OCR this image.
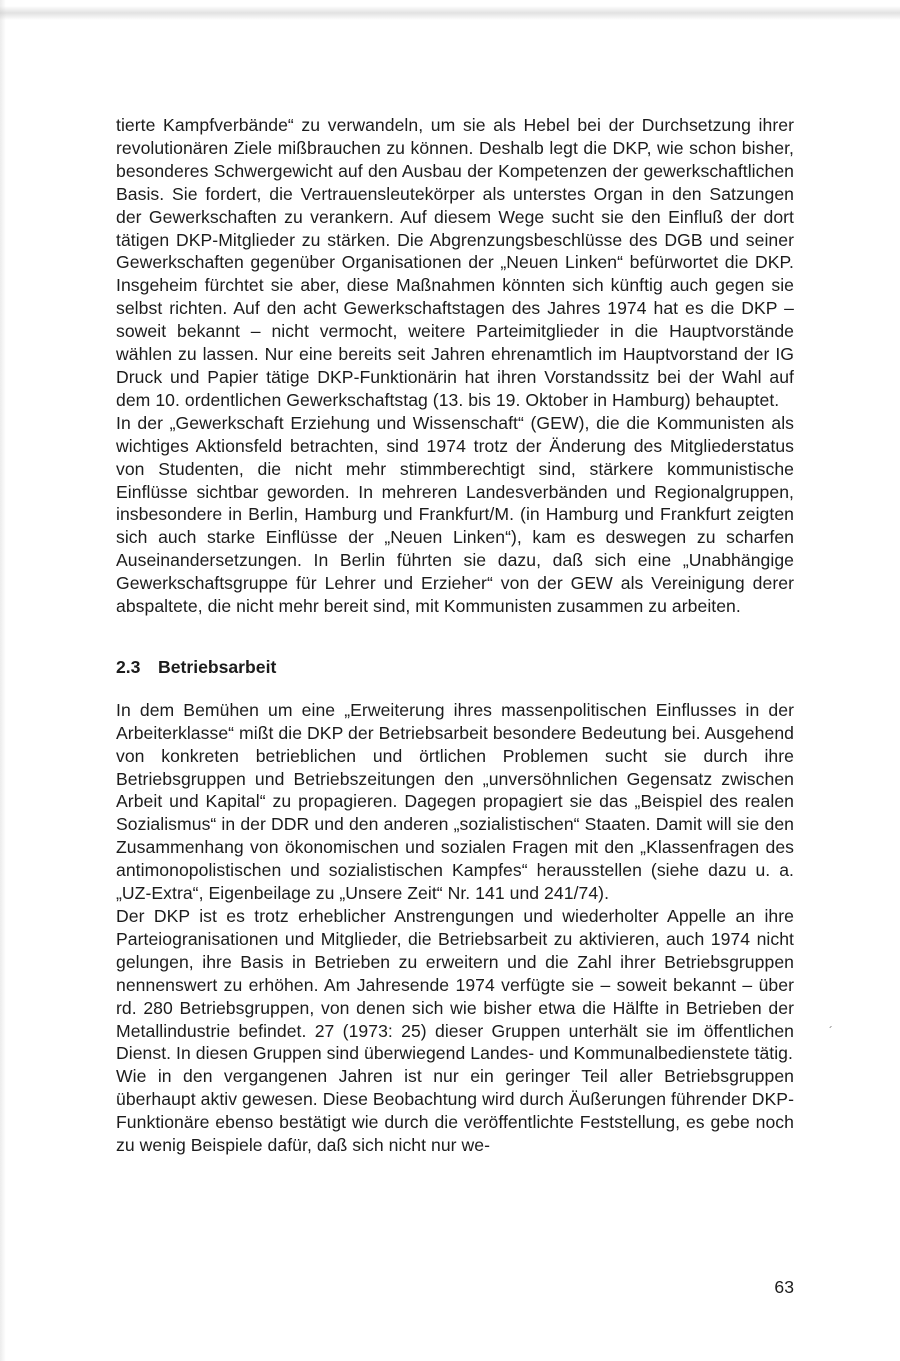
tierte Kampfverbände“ zu verwandeln, um sie als Hebel bei der Durchsetzung ihrer revolutionären Ziele mißbrauchen zu können. Deshalb legt die DKP, wie schon bisher, besonderes Schwergewicht auf den Ausbau der Kompetenzen der gewerkschaftlichen Basis. Sie fordert, die Vertrauensleutekörper als unterstes Organ in den Satzungen der Gewerkschaften zu verankern. Auf diesem Wege sucht sie den Einfluß der dort tätigen DKP-Mitglieder zu stärken. Die Abgrenzungsbeschlüsse des DGB und seiner Gewerkschaften gegenüber Organisationen der „Neuen Linken“ befürwortet die DKP. Insgeheim fürchtet sie aber, diese Maßnahmen könnten sich künftig auch gegen sie selbst richten. Auf den acht Gewerkschaftstagen des Jahres 1974 hat es die DKP – soweit bekannt – nicht vermocht, weitere Parteimitglieder in die Hauptvorstände wählen zu lassen. Nur eine bereits seit Jahren ehrenamtlich im Hauptvorstand der IG Druck und Papier tätige DKP-Funktionärin hat ihren Vorstandssitz bei der Wahl auf dem 10. ordentlichen Gewerkschaftstag (13. bis 19. Oktober in Hamburg) behauptet.

In der „Gewerkschaft Erziehung und Wissenschaft“ (GEW), die die Kommunisten als wichtiges Aktionsfeld betrachten, sind 1974 trotz der Änderung des Mitgliederstatus von Studenten, die nicht mehr stimmberechtigt sind, stärkere kommunistische Einflüsse sichtbar geworden. In mehreren Landesverbänden und Regionalgruppen, insbesondere in Berlin, Hamburg und Frankfurt/M. (in Hamburg und Frankfurt zeigten sich auch starke Einflüsse der „Neuen Linken“), kam es deswegen zu scharfen Auseinandersetzungen. In Berlin führten sie dazu, daß sich eine „Unabhängige Gewerkschaftsgruppe für Lehrer und Erzieher“ von der GEW als Vereinigung derer abspaltete, die nicht mehr bereit sind, mit Kommunisten zusammen zu arbeiten.

2.3 Betriebsarbeit

In dem Bemühen um eine „Erweiterung ihres massenpolitischen Einflusses in der Arbeiterklasse“ mißt die DKP der Betriebsarbeit besondere Bedeutung bei. Ausgehend von konkreten betrieblichen und örtlichen Problemen sucht sie durch ihre Betriebsgruppen und Betriebszeitungen den „unversöhnlichen Gegensatz zwischen Arbeit und Kapital“ zu propagieren. Dagegen propagiert sie das „Beispiel des realen Sozialismus“ in der DDR und den anderen „sozialistischen“ Staaten. Damit will sie den Zusammenhang von ökonomischen und sozialen Fragen mit den „Klassenfragen des antimonopolistischen und sozialistischen Kampfes“ herausstellen (siehe dazu u. a. „UZ-Extra“, Eigenbeilage zu „Unsere Zeit“ Nr. 141 und 241/74).

Der DKP ist es trotz erheblicher Anstrengungen und wiederholter Appelle an ihre Parteiogranisationen und Mitglieder, die Betriebsarbeit zu aktivieren, auch 1974 nicht gelungen, ihre Basis in Betrieben zu erweitern und die Zahl ihrer Betriebsgruppen nennenswert zu erhöhen. Am Jahresende 1974 verfügte sie – soweit bekannt – über rd. 280 Betriebsgruppen, von denen sich wie bisher etwa die Hälfte in Betrieben der Metallindustrie befindet. 27 (1973: 25) dieser Gruppen unterhält sie im öffentlichen Dienst. In diesen Gruppen sind überwiegend Landes- und Kommunalbedienstete tätig.

Wie in den vergangenen Jahren ist nur ein geringer Teil aller Betriebsgruppen überhaupt aktiv gewesen. Diese Beobachtung wird durch Äußerungen führender DKP-Funktionäre ebenso bestätigt wie durch die veröffentlichte Feststellung, es gebe noch zu wenig Beispiele dafür, daß sich nicht nur we-

´
63
